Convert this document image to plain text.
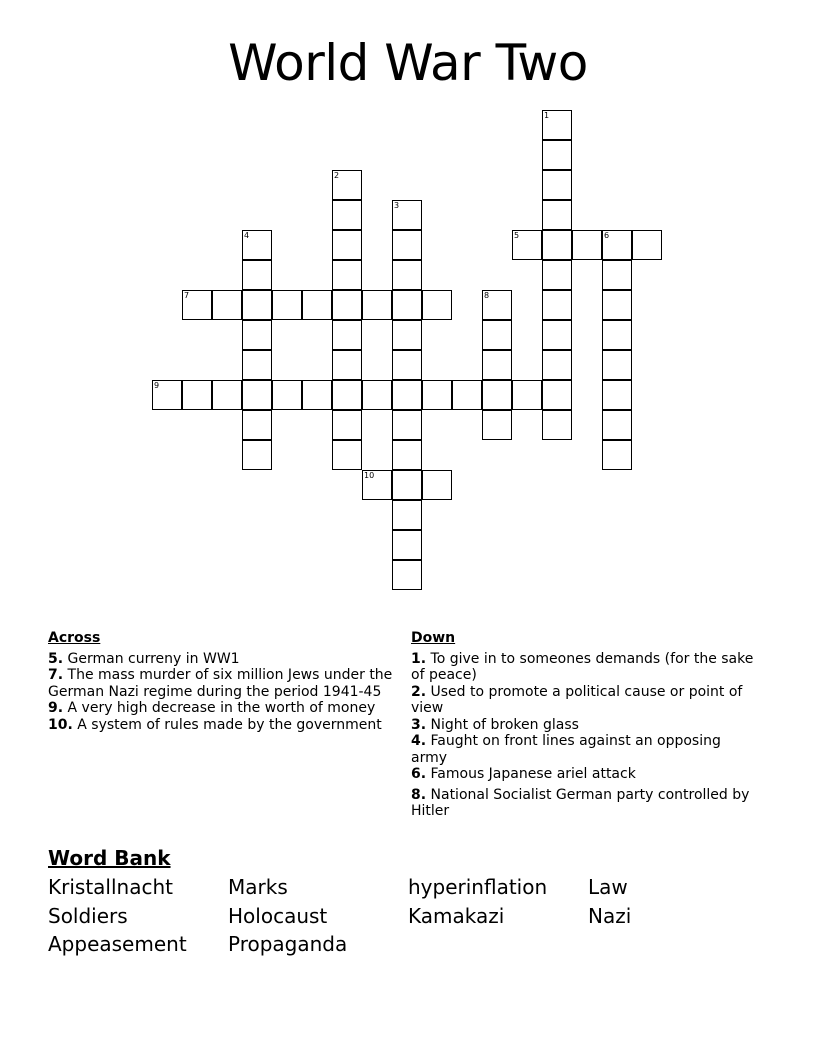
World War Two
1
2
3
4	5	6
7	8
9
10
Across
5. German curreny in WW1
7. The mass murder of six million Jews under the German Nazi regime during the period 1941-45
9. A very high decrease in the worth of money
10. A system of rules made by the government
Down
1. To give in to someones demands (for the sake of peace)
2. Used to promote a political cause or point of view
3. Night of broken glass
4. Faught on front lines against an opposing army
6. Famous Japanese ariel attack
8. National Socialist German party controlled by Hitler
Word Bank
Kristallnacht	Marks	hyperinflation Law
Soldiers	Holocaust	Kamakazi	Nazi
Appeasement Propaganda
